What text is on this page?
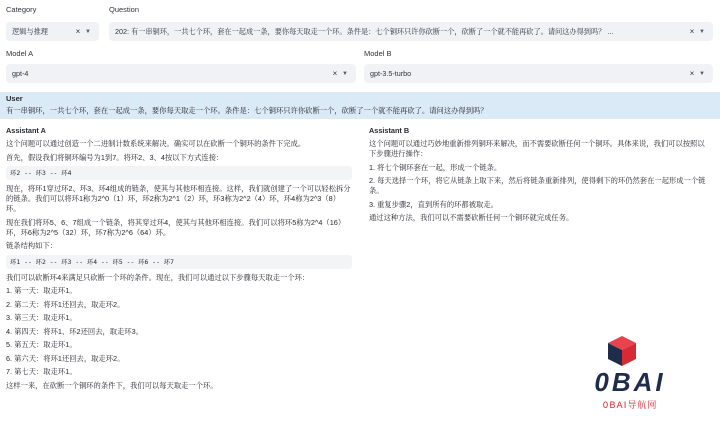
Category
逻辑与推理	× ▼
Question
202: 有一串铜环，一共七个环，套在一起成一条，要你每天取走一个环。条件是：七个铜环只许你砍断一个，砍断了一个就不能再砍了。请问这办得到吗？ ...	× ▼
Model A
gpt-4	× ▼
Model B
gpt-3.5-turbo	× ▼
User
有一串铜环，一共七个环，套在一起成一条，要你每天取走一个环。条件是：七个铜环只许你砍断一个，砍断了一个就不能再砍了。请问这办得到吗？
Assistant A

这个问题可以通过创造一个二进制计数系统来解决。确实可以在砍断一个铜环的条件下完成。

首先，假设我们将铜环编号为1到7。将环2、3、4按以下方式连接：

环2 -- 环3 -- 环4

现在，将环1穿过环2、环3、环4组成的链条，使其与其他环相连接。这样，我们就创建了一个可以轻松拆分的链条。我们可以将环1称为2^0（1）环，环2称为2^1（2）环，环3称为2^2（4）环，环4称为2^3（8）环。

现在我们将环5、6、7组成一个链条，将其穿过环4，使其与其他环相连接。我们可以将环5称为2^4（16）环，环6称为2^5（32）环，环7称为2^6（64）环。

链条结构如下：

环1 -- 环2 -- 环3 -- 环4 -- 环5 -- 环6 -- 环7

我们可以砍断环4来满足只砍断一个环的条件。现在，我们可以通过以下步骤每天取走一个环：

1. 第一天：取走环1。

2. 第二天：将环1还回去，取走环2。

3. 第三天：取走环1。

4. 第四天：将环1、环2还回去，取走环3。

5. 第五天：取走环1。

6. 第六天：将环1还回去，取走环2。

7. 第七天：取走环1。

这样一来，在砍断一个铜环的条件下，我们可以每天取走一个环。

Assistant B

这个问题可以通过巧妙地重新排列铜环来解决，而不需要砍断任何一个铜环。具体来说，我们可以按照以下步骤进行操作：

1. 将七个铜环套在一起，形成一个链条。

2. 每天选择一个环，将它从链条上取下来，然后将链条重新排列，使得剩下的环仍然套在一起形成一个链条。

3. 重复步骤2，直到所有的环都被取走。

通过这种方法，我们可以不需要砍断任何一个铜环就完成任务。

0BAI
0BAI导航网
